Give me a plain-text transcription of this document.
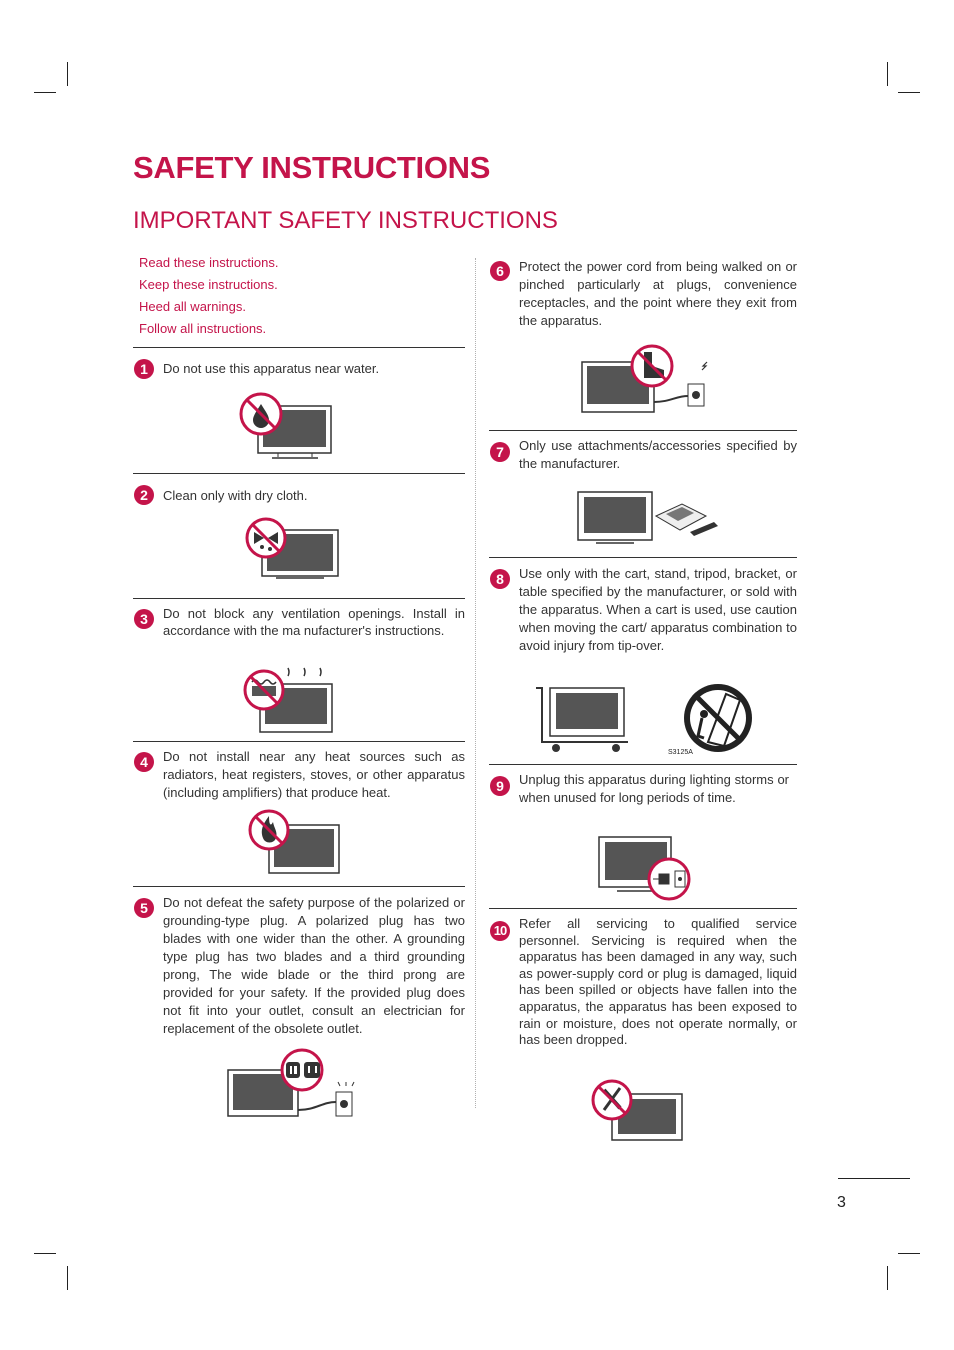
SAFETY INSTRUCTIONS
IMPORTANT SAFETY INSTRUCTIONS
Read these instructions.
Keep these instructions.
Heed all warnings.
Follow all instructions.
1	Do not use this apparatus near water.
2	Clean only with dry cloth.
3	Do not block any ventilation openings. Install in accordance with the ma nufacturer's instructions.
4	Do not install near any heat sources such as radiators, heat registers, stoves, or other apparatus (including amplifiers) that produce heat.
5	Do not defeat the safety purpose of the polarized or grounding-type plug. A polarized plug has two blades with one wider than the other. A grounding type plug has two blades and a third grounding prong, The wide blade or the third prong are provided for your safety. If the provided plug does not fit into your outlet, consult an electrician for replacement of the obsolete outlet.
6	Protect the power cord from being walked on or pinched particularly at plugs, convenience receptacles, and the point where they exit from the apparatus.
7	Only use attachments/accessories specified by the manufacturer.
8	Use only with the cart, stand, tripod, bracket, or table specified by the manufacturer, or sold with the apparatus. When a cart is used, use caution when moving the cart/ apparatus combination to avoid injury from tip-over.
S3125A
9	Unplug this apparatus during lighting storms or when unused for long periods of time.
10 Refer all servicing to qualified service personnel. Servicing is required when the apparatus has been damaged in any way, such as power-supply cord or plug is damaged, liquid has been spilled or objects have fallen into the apparatus, the apparatus has been exposed to rain or moisture, does not operate normally, or has been dropped.
3
